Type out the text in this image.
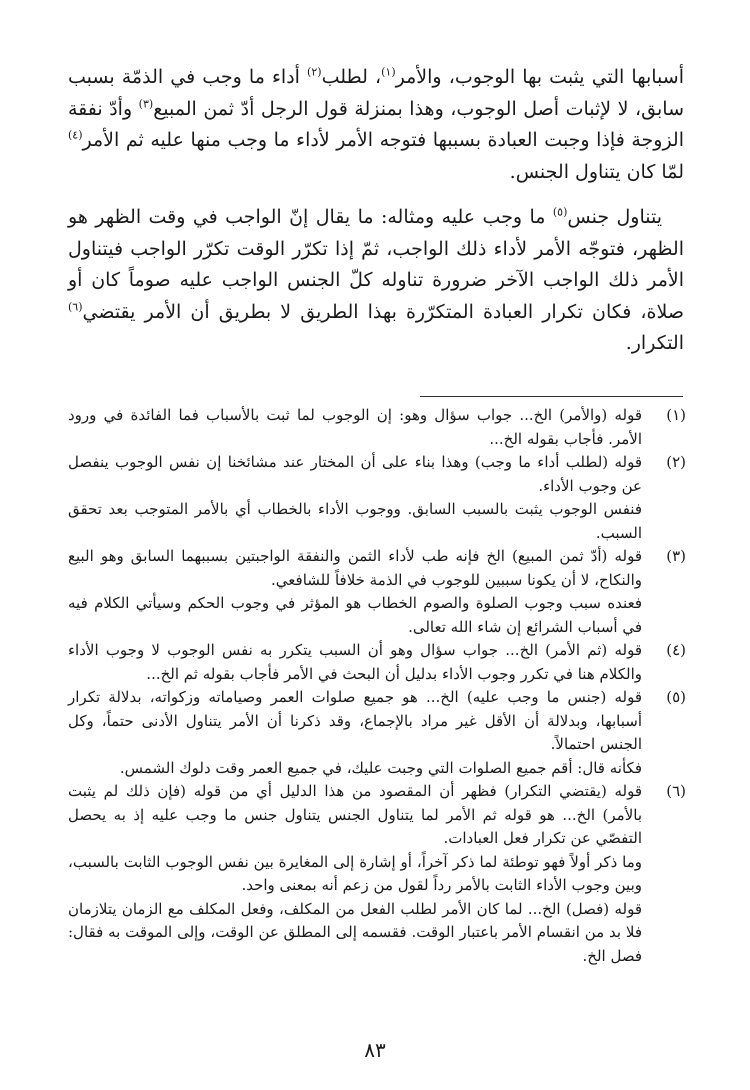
أسبابها التي يثبت بها الوجوب، والأمر$^{(١)}$، لطلب$^{(٢)}$ أداء ما وجب في الذمّة بسبب سابق، لا لإثبات أصل الوجوب، وهذا بمنزلة قول الرجل أدّ ثمن المبيع$^{(٣)}$ وأدّ نفقة الزوجة فإذا وجبت العبادة بسببها فتوجه الأمر لأداء ما وجب منها عليه ثم الأمر$^{(٤)}$ لمّا كان يتناول الجنس.

يتناول جنس$^{(٥)}$ ما وجب عليه ومثاله: ما يقال إنّ الواجب في وقت الظهر هو الظهر، فتوجّه الأمر لأداء ذلك الواجب، ثمّ إذا تكرّر الوقت تكرّر الواجب فيتناول الأمر ذلك الواجب الآخر ضرورة تناوله كلّ الجنس الواجب عليه صوماً كان أو صلاة، فكان تكرار العبادة المتكرّرة بهذا الطريق لا بطريق أن الأمر يقتضي$^{(٦)}$ التكرار.

(١)
قوله (والأمر) الخ... جواب سؤال وهو: إن الوجوب لما ثبت بالأسباب فما الفائدة في ورود الأمر. فأجاب بقوله الخ...
(٢)
قوله (لطلب أداء ما وجب) وهذا بناء على أن المختار عند مشائخنا إن نفس الوجوب ينفصل عن وجوب الأداء.
فنفس الوجوب يثبت بالسبب السابق. ووجوب الأداء بالخطاب أي بالأمر المتوجب بعد تحقق السبب.
(٣)
قوله (أدّ ثمن المبيع) الخ فإنه طب لأداء الثمن والنفقة الواجبتين بسببهما السابق وهو البيع والنكاح، لا أن يكونا سببين للوجوب في الذمة خلافاً للشافعي.
فعنده سبب وجوب الصلوة والصوم الخطاب هو المؤثر في وجوب الحكم وسيأتي الكلام فيه في أسباب الشرائع إن شاء الله تعالى.
(٤)
قوله (ثم الأمر) الخ... جواب سؤال وهو أن السبب يتكرر به نفس الوجوب لا وجوب الأداء والكلام هنا في تكرر وجوب الأداء بدليل أن البحث في الأمر فأجاب بقوله ثم الخ...
(٥)
قوله (جنس ما وجب عليه) الخ... هو جميع صلوات العمر وصياماته وزكواته، بدلالة تكرار أسبابها، وبدلالة أن الأقل غير مراد بالإجماع، وقد ذكرنا أن الأمر يتناول الأدنى حتماً، وكل الجنس احتمالاً.
فكأنه قال: أقم جميع الصلوات التي وجبت عليك، في جميع العمر وقت دلوك الشمس.
(٦)
قوله (يقتضي التكرار) فظهر أن المقصود من هذا الدليل أي من قوله (فإن ذلك لم يثبت بالأمر) الخ... هو قوله ثم الأمر لما يتناول الجنس يتناول جنس ما وجب عليه إذ به يحصل التفصّي عن تكرار فعل العبادات.
وما ذكر أولاً فهو توطئة لما ذكر آخراً، أو إشارة إلى المغايرة بين نفس الوجوب الثابت بالسبب، وبين وجوب الأداء الثابت بالأمر رداً لقول من زعم أنه بمعنى واحد.
قوله (فصل) الخ... لما كان الأمر لطلب الفعل من المكلف، وفعل المكلف مع الزمان يتلازمان فلا بد من انقسام الأمر باعتبار الوقت. فقسمه إلى المطلق عن الوقت، وإلى الموقت به فقال: فصل الخ.
٨٣
